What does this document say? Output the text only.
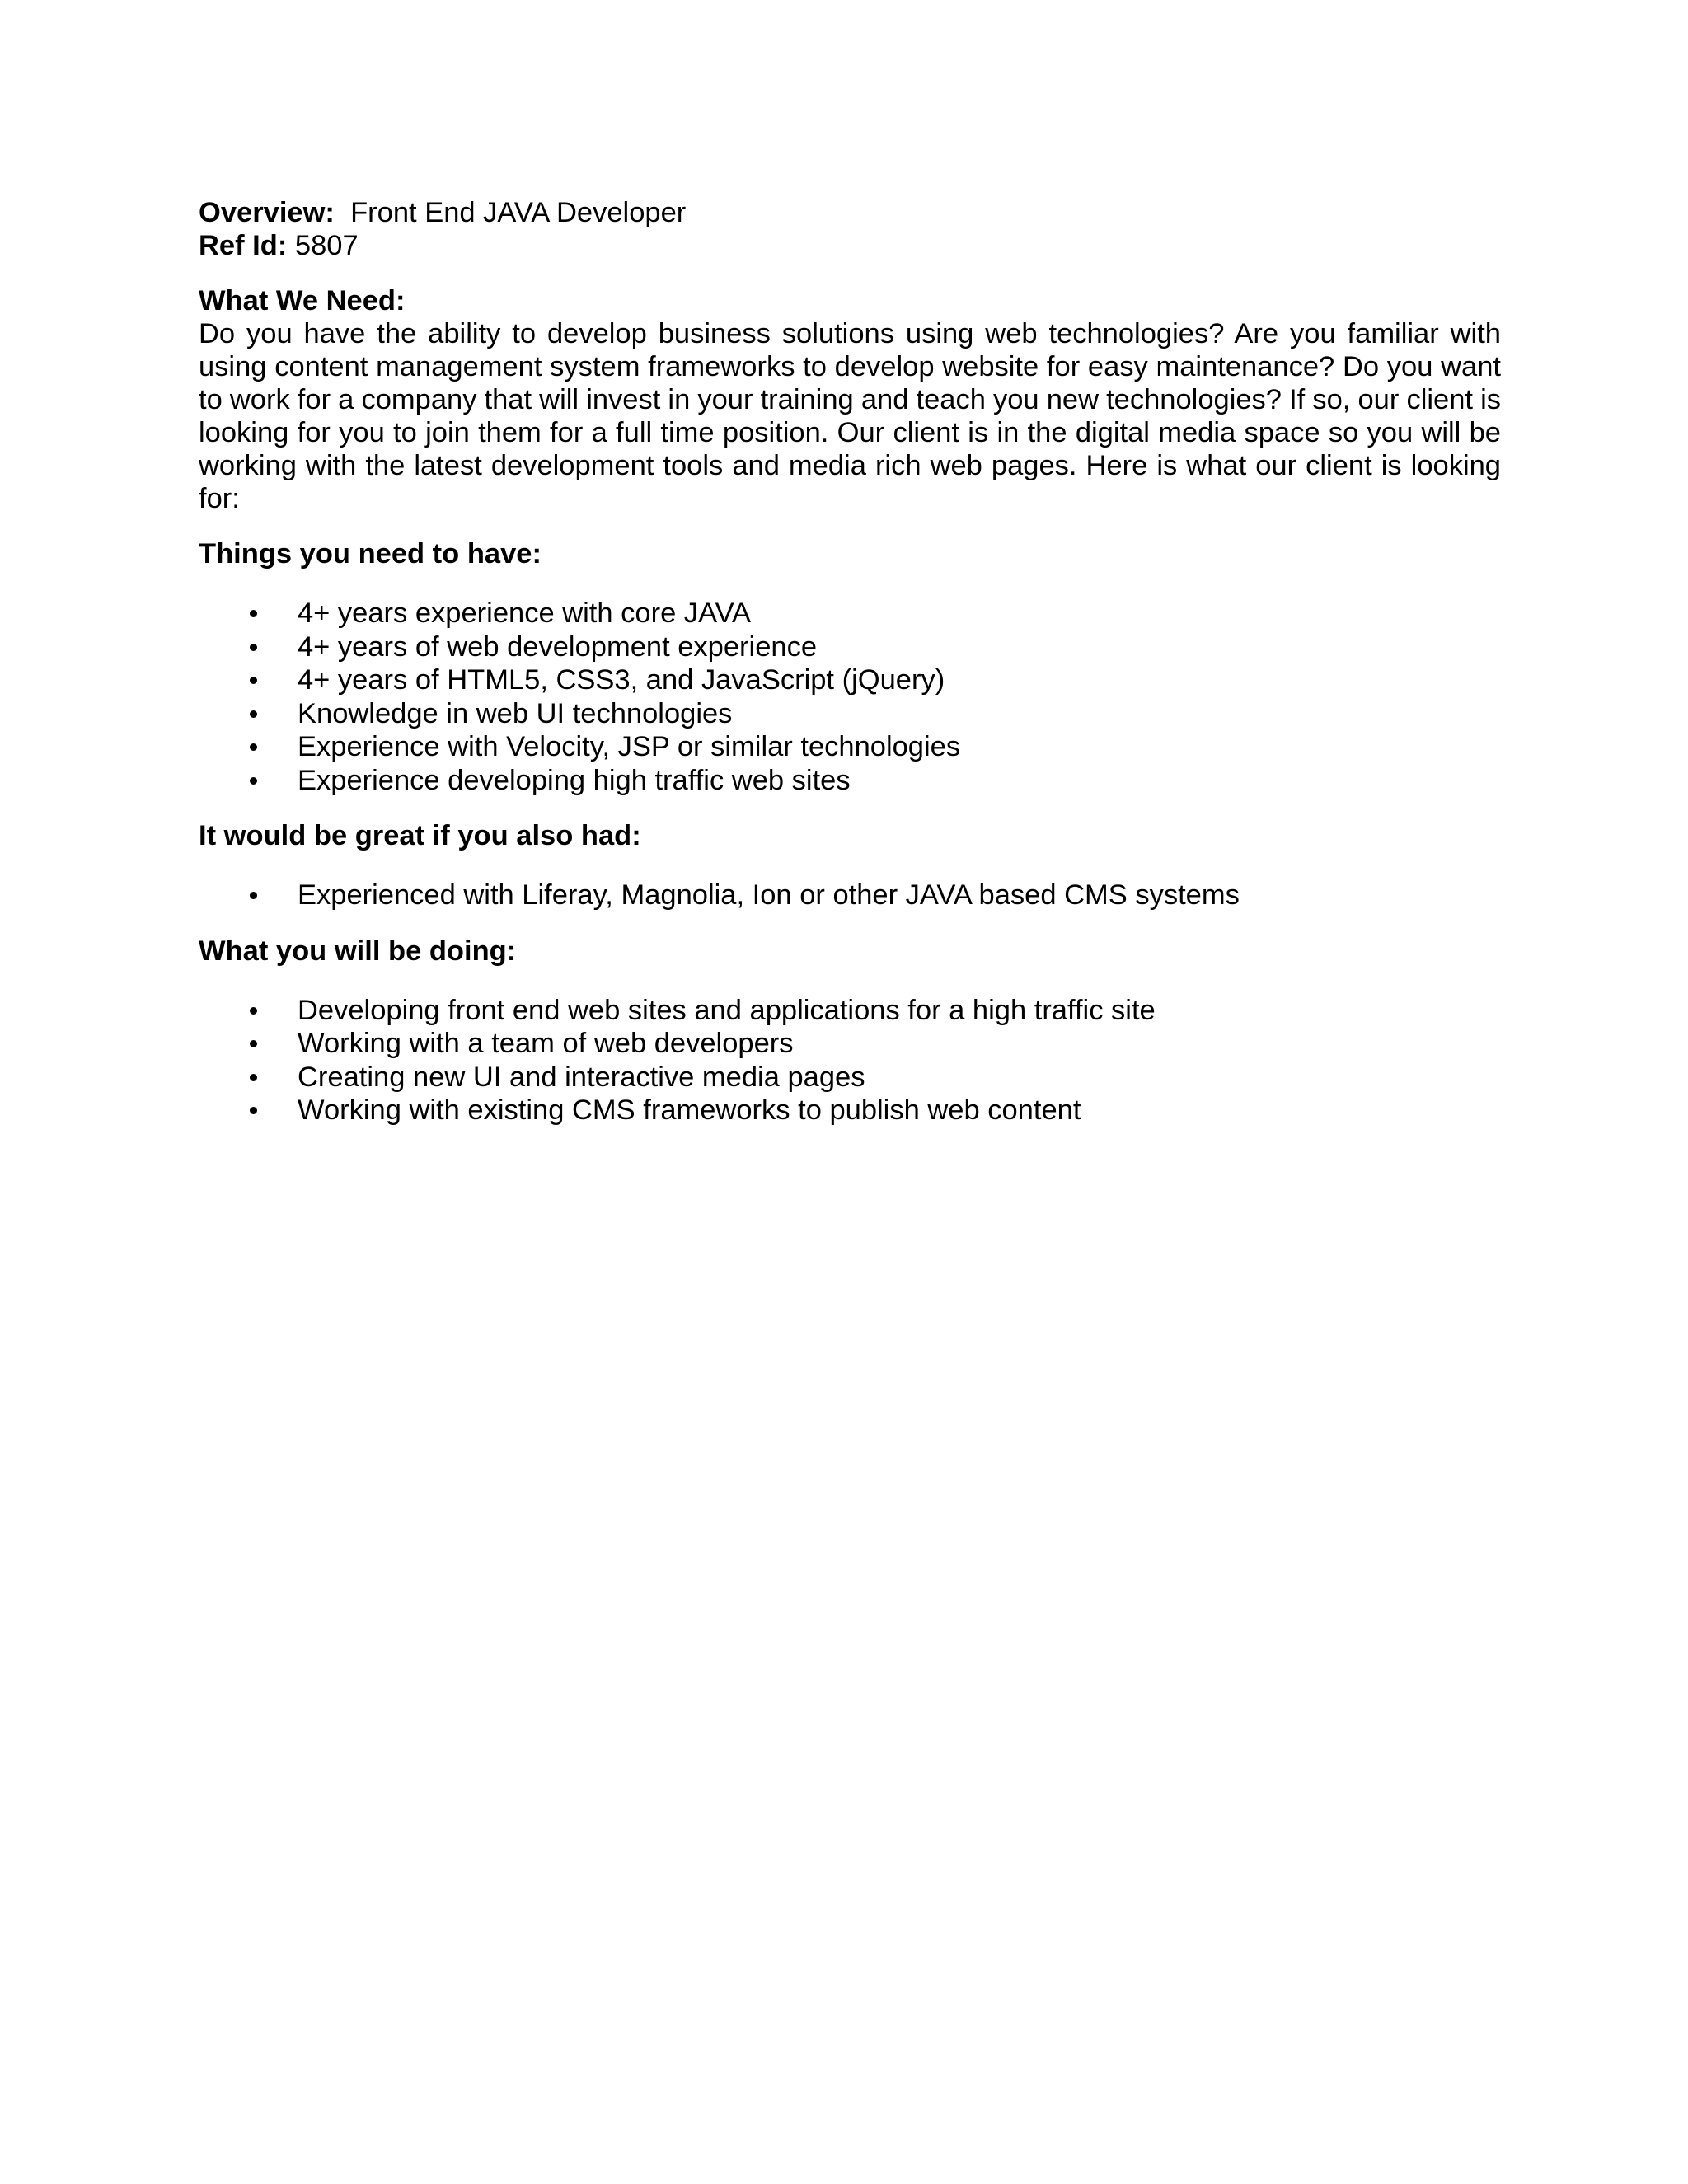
Overview: Front End JAVA Developer
Ref Id: 5807
What We Need:
Do you have the ability to develop business solutions using web technologies? Are you familiar with using content management system frameworks to develop website for easy maintenance? Do you want to work for a company that will invest in your training and teach you new technologies? If so, our client is looking for you to join them for a full time position. Our client is in the digital media space so you will be working with the latest development tools and media rich web pages. Here is what our client is looking for:
Things you need to have:
4+ years experience with core JAVA
4+ years of web development experience
4+ years of HTML5, CSS3, and JavaScript (jQuery)
Knowledge in web UI technologies
Experience with Velocity, JSP or similar technologies
Experience developing high traffic web sites
It would be great if you also had:
Experienced with Liferay, Magnolia, Ion or other JAVA based CMS systems
What you will be doing:
Developing front end web sites and applications for a high traffic site
Working with a team of web developers
Creating new UI and interactive media pages
Working with existing CMS frameworks to publish web content
